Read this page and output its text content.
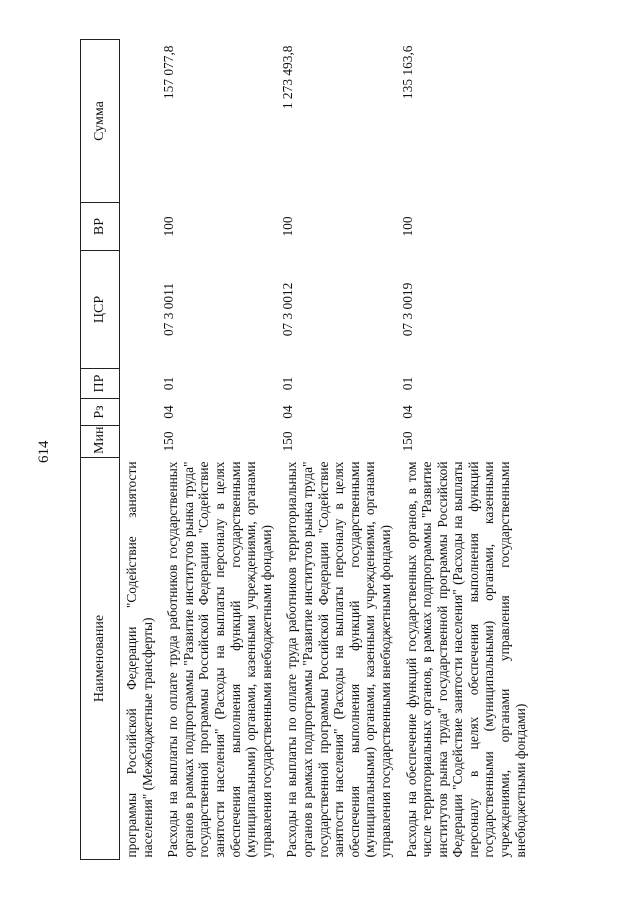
614
Наименование	Мин	Рз	ПР	ЦСР	ВР	Сумма
программы Российской Федерации "Содействие занятости населения" (Межбюджетные трансферты)						
Расходы на выплаты по оплате труда работников государственных органов в рамках подпрограммы "Развитие институтов рынка труда" государственной программы Российской Федерации "Содействие занятости населения" (Расходы на выплаты персоналу в целях обеспечения выполнения функций государственными (муниципальными) органами, казенными учреждениями, органами управления государственными внебюджетными фондами)	150	04	01	07 3 0011	100	157 077,8
Расходы на выплаты по оплате труда работников территориальных органов в рамках подпрограммы "Развитие институтов рынка труда" государственной программы Российской Федерации "Содействие занятости населения" (Расходы на выплаты персоналу в целях обеспечения выполнения функций государственными (муниципальными) органами, казенными учреждениями, органами управления государственными внебюджетными фондами)	150	04	01	07 3 0012	100	1 273 493,8
Расходы на обеспечение функций государственных органов, в том числе территориальных органов, в рамках подпрограммы "Развитие институтов рынка труда" государственной программы Российской Федерации "Содействие занятости населения" (Расходы на выплаты персоналу в целях обеспечения выполнения функций государственными (муниципальными) органами, казенными учреждениями, органами управления государственными внебюджетными фондами)	150	04	01	07 3 0019	100	135 163,6
